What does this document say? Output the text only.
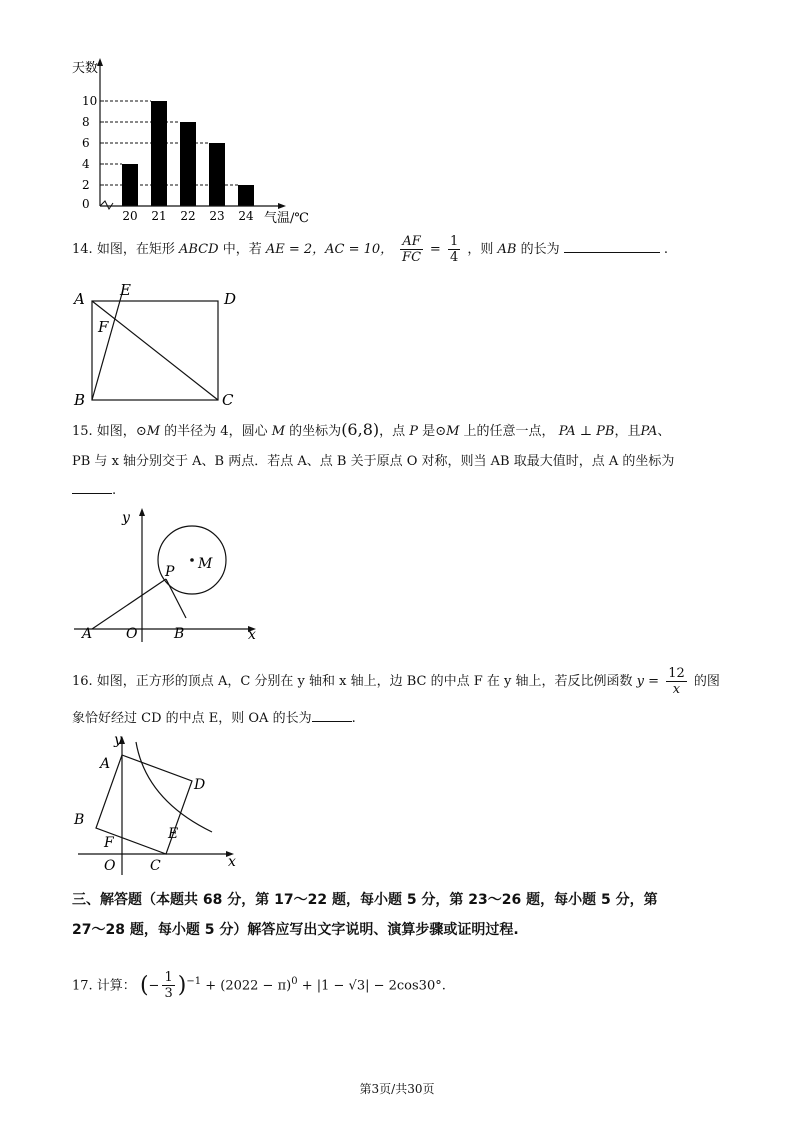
0
2
4
6
8
10
20 21 22 23 24
天数
气温/℃
14. 如图，在矩形 ABCD 中，若 AE = 2，AC = 10， $\frac{AF}{FC} = \frac{1}{4}$ ，则 AB 的长为	.
A E	D
F
B	C
15. 如图，⊙M 的半径为 4，圆心 M 的坐标为(6,8)，点 P 是⊙M 上的任意一点， PA ⊥ PB，且PA、
PB 与 x 轴分别交于 A、B 两点．若点 A、点 B 关于原点 O 对称，则当 AB 取最大值时，点 A 的坐标为
.
y
x
P M
A O	B
16. 如图，正方形的顶点 A，C 分别在 y 轴和 x 轴上，边 BC 的中点 F 在 y 轴上，若反比例函数 $y = \frac{12}{x}$ 的图
象恰好经过 CD 的中点 E，则 OA 的长为	.
y
x
A
D
B
F
E
O C
三、解答题（本题共 68 分，第 17～22 题，每小题 5 分，第 23～26 题，每小题 5 分，第
27～28 题，每小题 5 分）解答应写出文字说明、演算步骤或证明过程.
17. 计算： (− $\frac{1}{3} )^{-1} + (2022 - \pi)^0 + |1 - √3| - 2\cos 30^\circ$.
第3页/共30页
